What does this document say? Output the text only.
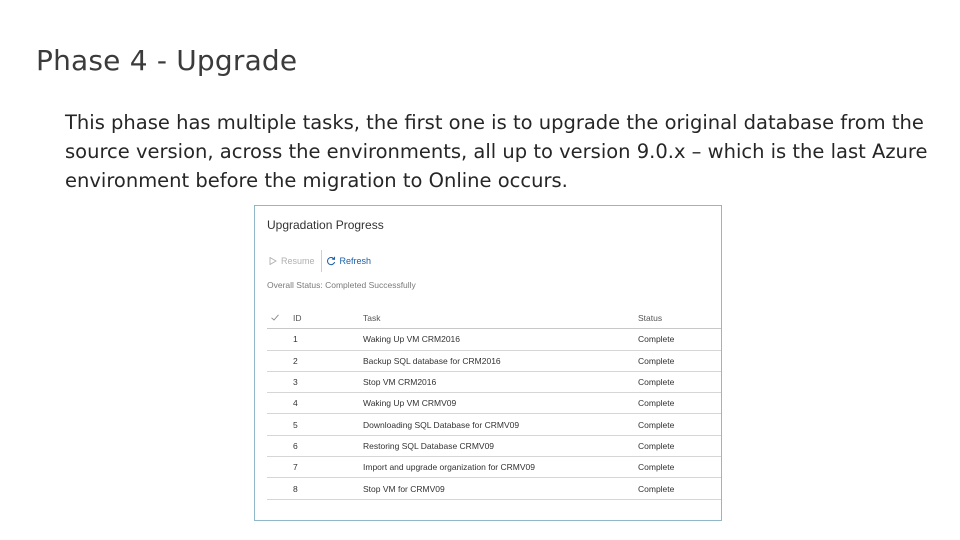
Phase 4 - Upgrade
This phase has multiple tasks, the first one is to upgrade the original database from the source version, across the environments, all up to version 9.0.x – which is the last Azure environment before the migration to Online occurs.
Upgradation Progress
Resume	Refresh
Overall Status: Completed Successfully
ID	Task	Status
1	Waking Up VM CRM2016	Complete
2	Backup SQL database for CRM2016	Complete
3	Stop VM CRM2016	Complete
4	Waking Up VM CRMV09	Complete
5	Downloading SQL Database for CRMV09	Complete
6	Restoring SQL Database CRMV09	Complete
7	Import and upgrade organization for CRMV09	Complete
8	Stop VM for CRMV09	Complete
